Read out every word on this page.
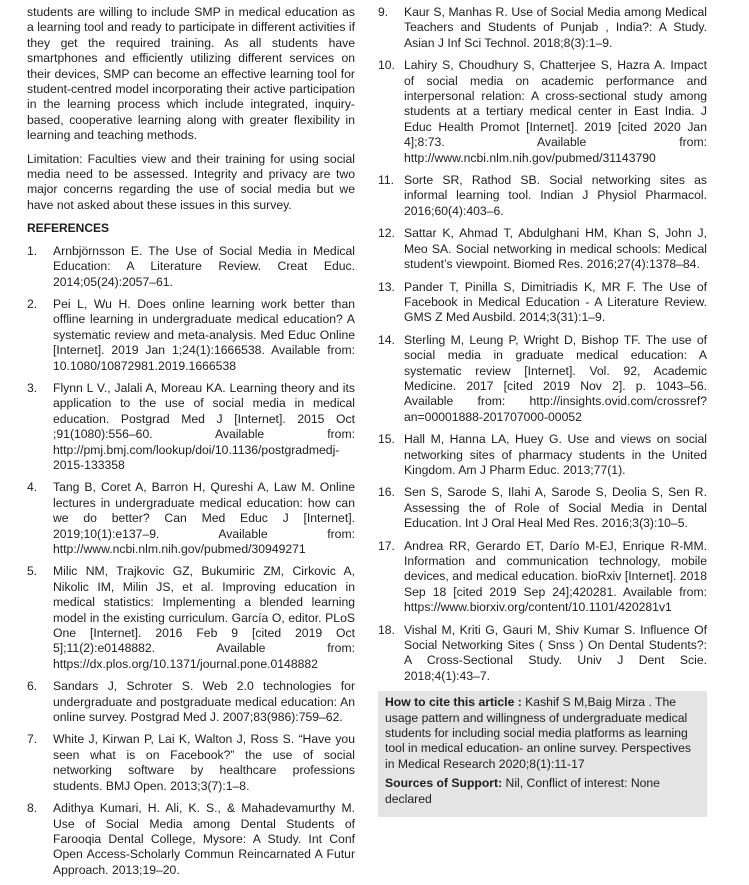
students are willing to include SMP in medical education as a learning tool and ready to participate in different activities if they get the required training. As all students have smartphones and efficiently utilizing different services on their devices, SMP can become an effective learning tool for student-centred model incorporating their active participation in the learning process which include integrated, inquiry-based, cooperative learning along with greater flexibility in learning and teaching methods.

Limitation: Faculties view and their training for using social media need to be assessed. Integrity and privacy are two major concerns regarding the use of social media but we have not asked about these issues in this survey.

REFERENCES
1.	Arnbjörnsson E. The Use of Social Media in Medical Education: A Literature Review. Creat Educ. 2014;05(24):2057–61.
2.	Pei L, Wu H. Does online learning work better than offline learning in undergraduate medical education? A systematic review and meta-analysis. Med Educ Online [Internet]. 2019 Jan 1;24(1):1666538. Available from: 10.1080/10872981.2019.1666538
3.	Flynn L V., Jalali A, Moreau KA. Learning theory and its application to the use of social media in medical education. Postgrad Med J [Internet]. 2015 Oct ;91(1080):556–60. Available from: http://pmj.bmj.com/lookup/doi/10.1136/postgradmedj-2015-133358
4.	Tang B, Coret A, Barron H, Qureshi A, Law M. Online lectures in undergraduate medical education: how can we do better? Can Med Educ J [Internet]. 2019;10(1):e137–9. Available from: http://www.ncbi.nlm.nih.gov/pubmed/30949271
5.	Milic NM, Trajkovic GZ, Bukumiric ZM, Cirkovic A, Nikolic IM, Milin JS, et al. Improving education in medical statistics: Implementing a blended learning model in the existing curriculum. García O, editor. PLoS One [Internet]. 2016 Feb 9 [cited 2019 Oct 5];11(2):e0148882. Available from: https://dx.plos.org/10.1371/journal.pone.0148882
6.	Sandars J, Schroter S. Web 2.0 technologies for undergraduate and postgraduate medical education: An online survey. Postgrad Med J. 2007;83(986):759–62.
7.	White J, Kirwan P, Lai K, Walton J, Ross S. “Have you seen what is on Facebook?” the use of social networking software by healthcare professions students. BMJ Open. 2013;3(7):1–8.
8.	Adithya Kumari, H. Ali, K. S., & Mahadevamurthy M. Use of Social Media among Dental Students of Farooqia Dental College, Mysore: A Study. Int Conf Open Access-Scholarly Commun Reincarnated A Futur Approach. 2013;19–20.
9.	Kaur S, Manhas R. Use of Social Media among Medical Teachers and Students of Punjab , India?: A Study. Asian J Inf Sci Technol. 2018;8(3):1–9.
10. Lahiry S, Choudhury S, Chatterjee S, Hazra A. Impact of social media on academic performance and interpersonal relation: A cross-sectional study among students at a tertiary medical center in East India. J Educ Health Promot [Internet]. 2019 [cited 2020 Jan 4];8:73. Available from: http://www.ncbi.nlm.nih.gov/pubmed/31143790
11. Sorte SR, Rathod SB. Social networking sites as informal learning tool. Indian J Physiol Pharmacol. 2016;60(4):403–6.
12. Sattar K, Ahmad T, Abdulghani HM, Khan S, John J, Meo SA. Social networking in medical schools: Medical student’s viewpoint. Biomed Res. 2016;27(4):1378–84.
13. Pander T, Pinilla S, Dimitriadis K, MR F. The Use of Facebook in Medical Education - A Literature Review. GMS Z Med Ausbild. 2014;3(31):1–9.
14. Sterling M, Leung P, Wright D, Bishop TF. The use of social media in graduate medical education: A systematic review [Internet]. Vol. 92, Academic Medicine. 2017 [cited 2019 Nov 2]. p. 1043–56. Available from: http://insights.ovid.com/crossref?an=00001888-201707000-00052
15. Hall M, Hanna LA, Huey G. Use and views on social networking sites of pharmacy students in the United Kingdom. Am J Pharm Educ. 2013;77(1).
16. Sen S, Sarode S, Ilahi A, Sarode S, Deolia S, Sen R. Assessing the of Role of Social Media in Dental Education. Int J Oral Heal Med Res. 2016;3(3):10–5.
17. Andrea RR, Gerardo ET, Darío M-EJ, Enrique R-MM. Information and communication technology, mobile devices, and medical education. bioRxiv [Internet]. 2018 Sep 18 [cited 2019 Sep 24];420281. Available from: https://www.biorxiv.org/content/10.1101/420281v1
18. Vishal M, Kriti G, Gauri M, Shiv Kumar S. Influence Of Social Networking Sites ( Snss ) On Dental Students?: A Cross-Sectional Study. Univ J Dent Scie. 2018;4(1):43–7.

How to cite this article : Kashif S M,Baig Mirza . The usage pattern and willingness of undergraduate medical students for including social media platforms as learning tool in medical education- an online survey. Perspectives in Medical Research 2020;8(1):11-17

Sources of Support: Nil, Conflict of interest: None declared
